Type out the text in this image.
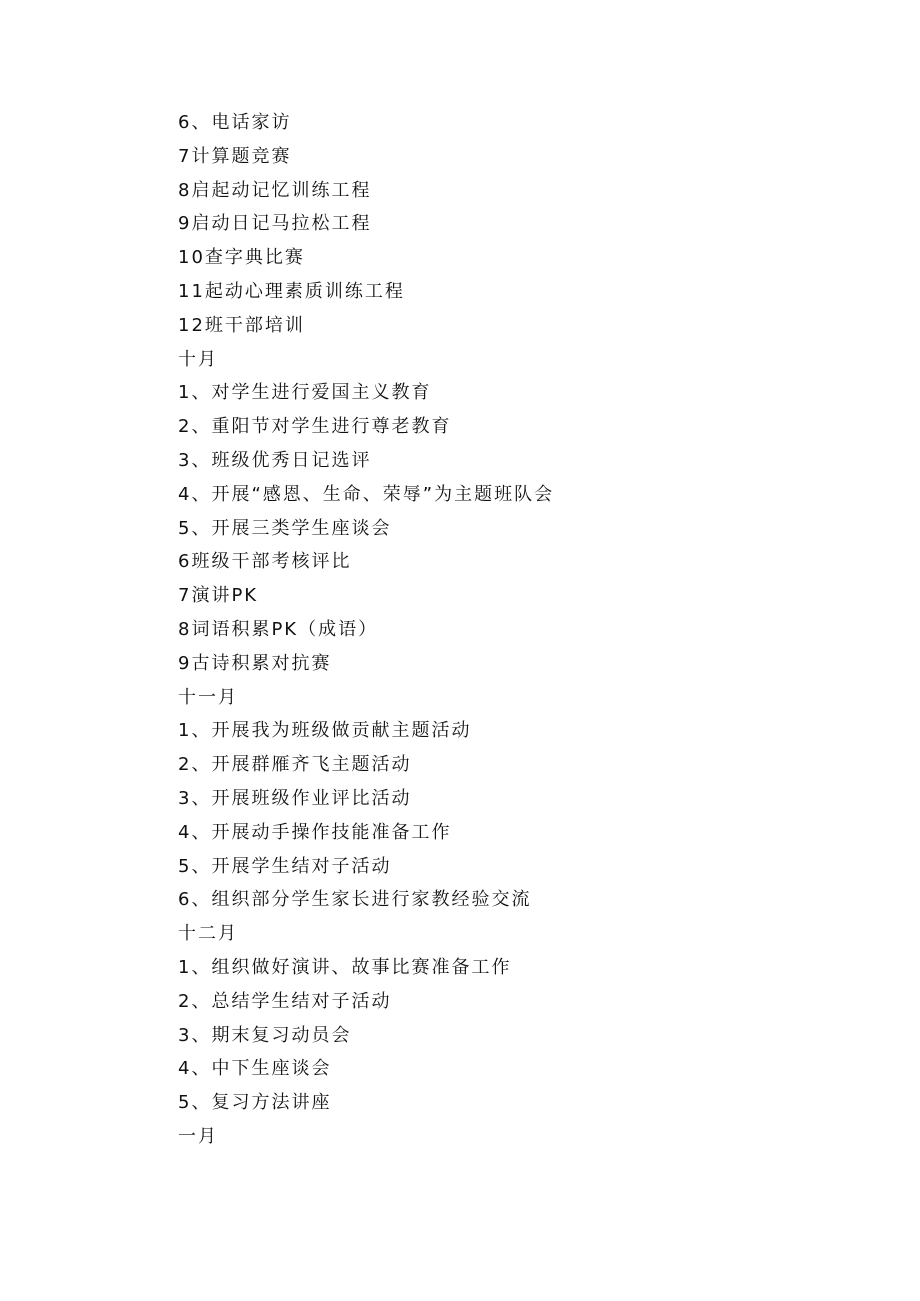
6、电话家访
7计算题竞赛
8启起动记忆训练工程
9启动日记马拉松工程
10查字典比赛
11起动心理素质训练工程
12班干部培训
十月
1、对学生进行爱国主义教育
2、重阳节对学生进行尊老教育
3、班级优秀日记选评
4、开展“感恩、生命、荣辱”为主题班队会
5、开展三类学生座谈会
6班级干部考核评比
7演讲PK
8词语积累PK（成语）
9古诗积累对抗赛
十一月
1、开展我为班级做贡献主题活动
2、开展群雁齐飞主题活动
3、开展班级作业评比活动
4、开展动手操作技能准备工作
5、开展学生结对子活动
6、组织部分学生家长进行家教经验交流
十二月
1、组织做好演讲、故事比赛准备工作
2、总结学生结对子活动
3、期末复习动员会
4、中下生座谈会
5、复习方法讲座
一月
